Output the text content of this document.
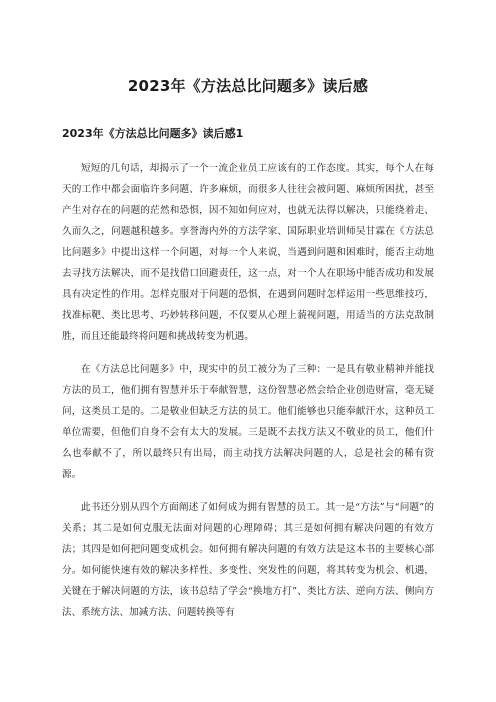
2023年《方法总比问题多》读后感
2023年《方法总比问题多》读后感1

短短的几句话，却揭示了一个一流企业员工应该有的工作态度。其实，每个人在每天的工作中都会面临许多问题、许多麻烦，而很多人往往会被问题、麻烦所困扰，甚至产生对存在的问题的茫然和恐惧，因不知如何应对，也就无法得以解决，只能绕着走、久而久之，问题越积越多。享誉海内外的方法学家、国际职业培训师吴甘霖在《方法总比问题多》中提出这样一个问题，对每一个人来说，当遇到问题和困难时，能否主动地去寻找方法解决，而不是找借口回避责任，这一点，对一个人在职场中能否成功和发展具有决定性的作用。怎样克服对于问题的恐惧，在遇到问题时怎样运用一些思维技巧，找准标靶、类比思考、巧妙转移问题，不仅要从心理上藐视问题，用适当的方法克敌制胜，而且还能最终将问题和挑战转变为机遇。

在《方法总比问题多》中，现实中的员工被分为了三种：一是具有敬业精神并能找方法的员工，他们拥有智慧并乐于奉献智慧，这份智慧必然会给企业创造财富，毫无疑问，这类员工是的。二是敬业但缺乏方法的员工。他们能够也只能奉献汗水，这种员工单位需要，但他们自身不会有太大的发展。三是既不去找方法又不敬业的员工，他们什么也奉献不了，所以最终只有出局，而主动找方法解决问题的人，总是社会的稀有资源。

此书还分别从四个方面阐述了如何成为拥有智慧的员工。其一是“方法”与“问题”的关系；其二是如何克服无法面对问题的心理障碍；其三是如何拥有解决问题的有效方法；其四是如何把问题变成机会。如何拥有解决问题的有效方法是这本书的主要核心部分。如何能快速有效的解决多样性、多变性、突发性的问题，将其转变为机会、机遇，关键在于解决问题的方法，该书总结了学会“换地方打”、类比方法、逆向方法、侧向方法、系统方法、加减方法、问题转换等有
